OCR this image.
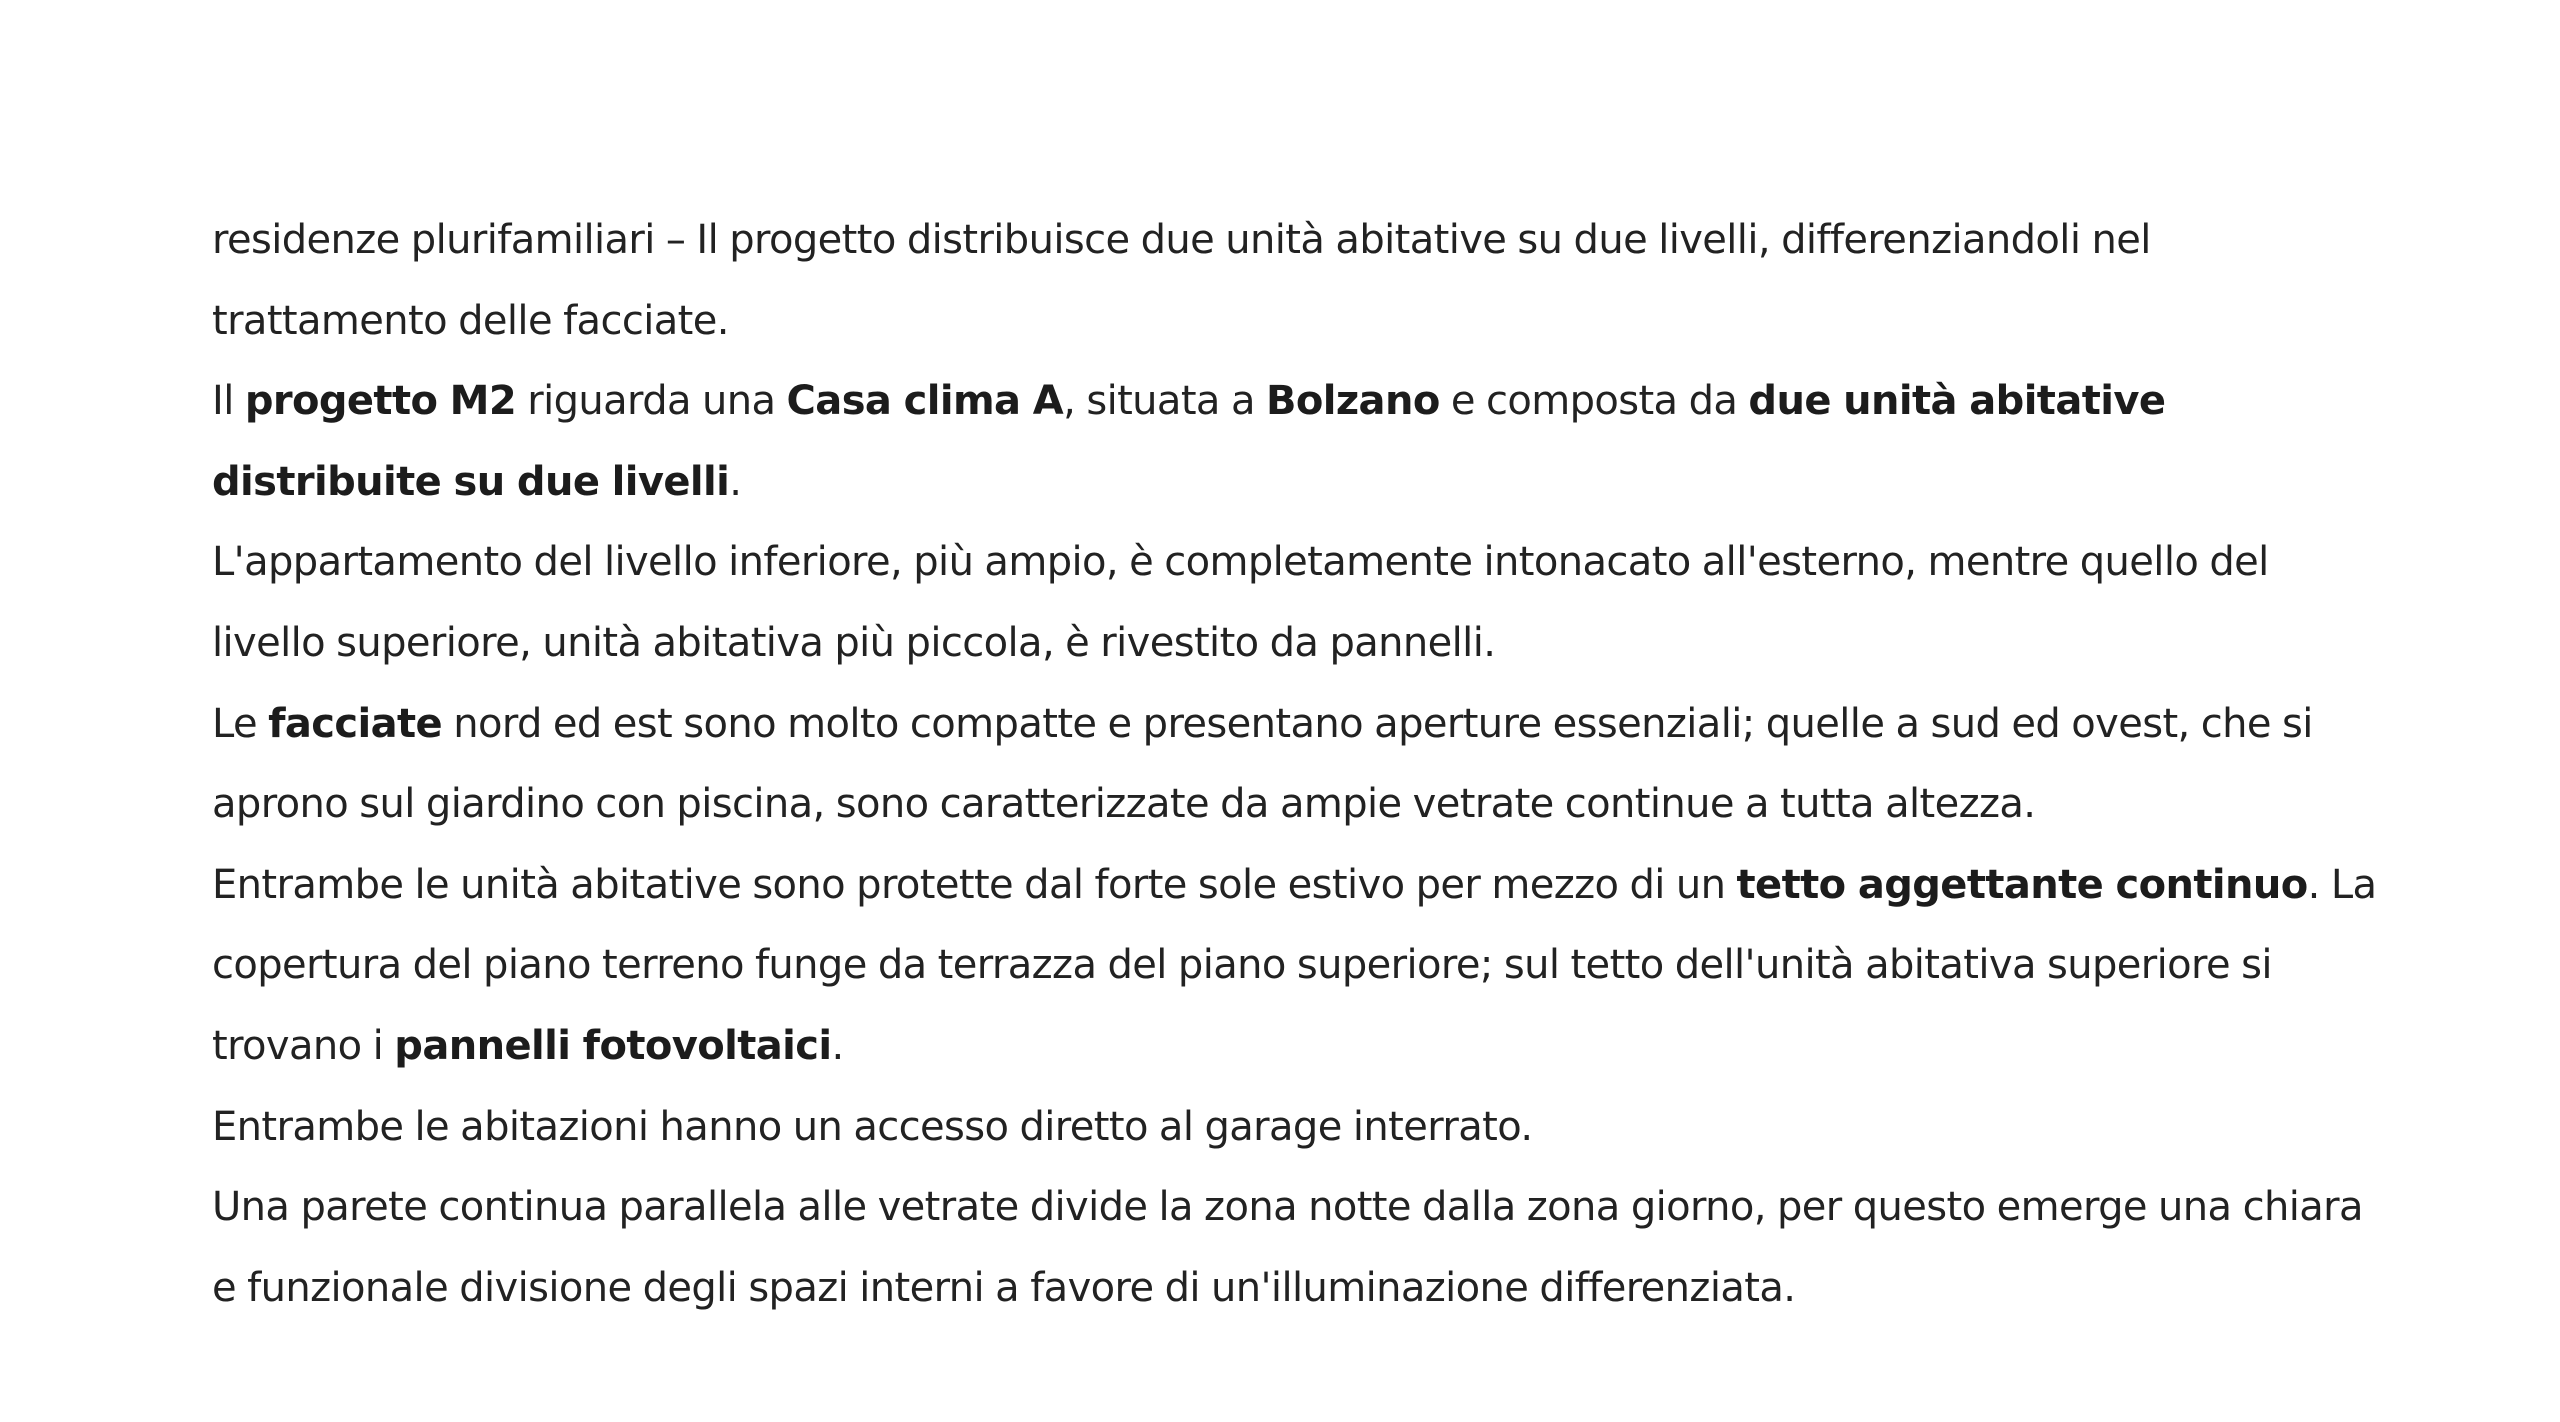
residenze plurifamiliari – Il progetto distribuisce due unità abitative su due livelli, differenziandoli nel trattamento delle facciate.

Il progetto M2 riguarda una Casa clima A, situata a Bolzano e composta da due unità abitative distribuite su due livelli.

L'appartamento del livello inferiore, più ampio, è completamente intonacato all'esterno, mentre quello del livello superiore, unità abitativa più piccola, è rivestito da pannelli.

Le facciate nord ed est sono molto compatte e presentano aperture essenziali; quelle a sud ed ovest, che si aprono sul giardino con piscina, sono caratterizzate da ampie vetrate continue a tutta altezza.

Entrambe le unità abitative sono protette dal forte sole estivo per mezzo di un tetto aggettante continuo. La copertura del piano terreno funge da terrazza del piano superiore; sul tetto dell'unità abitativa superiore si trovano i pannelli fotovoltaici.

Entrambe le abitazioni hanno un accesso diretto al garage interrato.

Una parete continua parallela alle vetrate divide la zona notte dalla zona giorno, per questo emerge una chiara e funzionale divisione degli spazi interni a favore di un'illuminazione differenziata.
